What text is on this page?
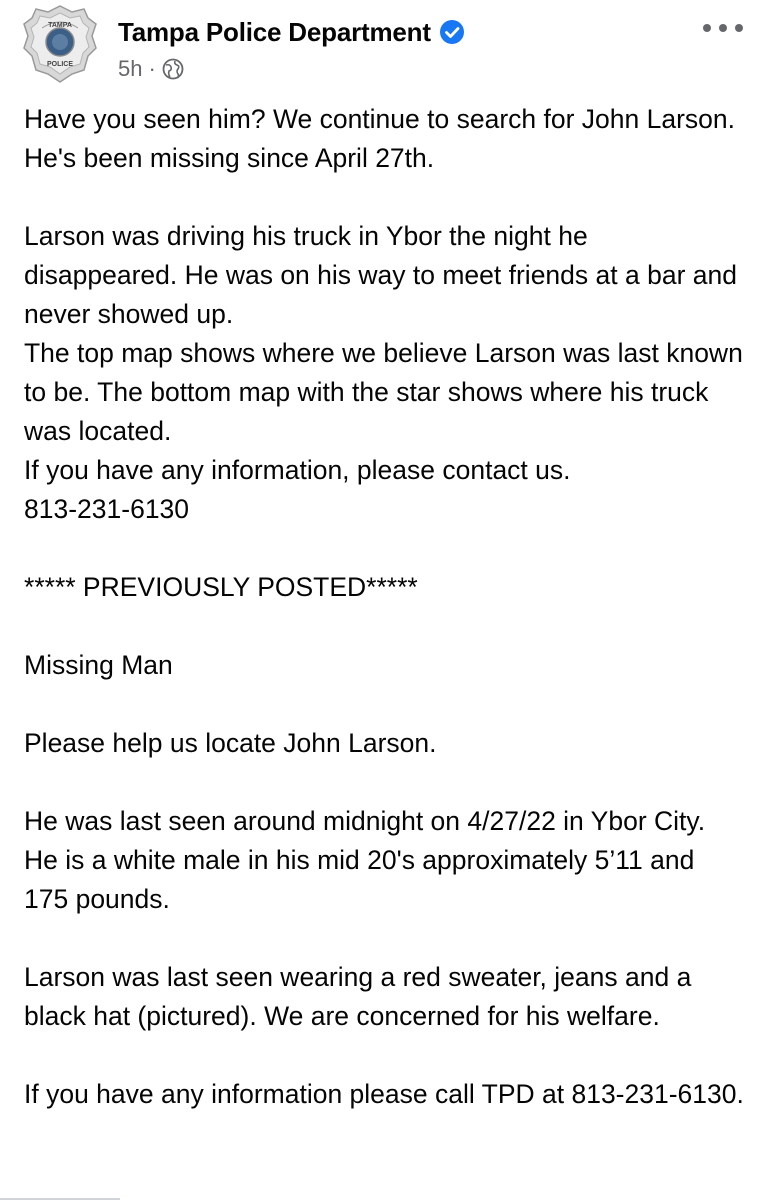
TAMPA
POLICE
Tampa Police Department
5h ·

Have you seen him? We continue to search for John Larson. He's been missing since April 27th.

Larson was driving his truck in Ybor the night he disappeared. He was on his way to meet friends at a bar and never showed up.

The top map shows where we believe Larson was last known to be. The bottom map with the star shows where his truck was located.

If you have any information, please contact us.

813-231-6130

***** PREVIOUSLY POSTED*****

Missing Man

Please help us locate John Larson.

He was last seen around midnight on 4/27/22 in Ybor City. He is a white male in his mid 20's approximately 5’11 and 175 pounds.

Larson was last seen wearing a red sweater, jeans and a black hat (pictured). We are concerned for his welfare.

If you have any information please call TPD at 813-231-6130.
